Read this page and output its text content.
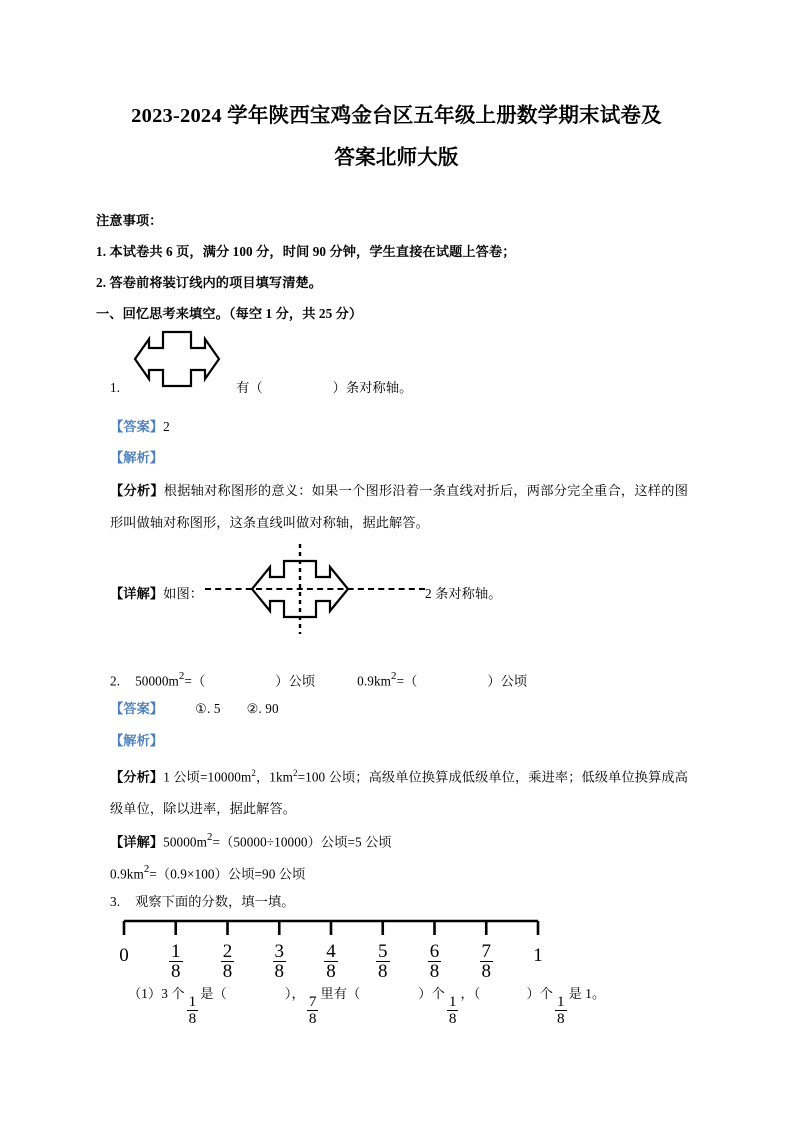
2023-2024 学年陕西宝鸡金台区五年级上册数学期末试卷及
答案北师大版

注意事项：

1. 本试卷共 6 页，满分 100 分，时间 90 分钟，学生直接在试题上答卷；

2. 答卷前将装订线内的项目填写清楚。

一、回忆思考来填空。（每空 1 分，共 25 分）

1.	有（	）条对称轴。
【答案】2
【解析】

【分析】根据轴对称图形的意义：如果一个图形沿着一条直线对折后，两部分完全重合，这样的图形叫做轴对称图形，这条直线叫做对称轴，据此解答。

【详解】如图：	2 条对称轴。
2. $50000m^2=$（	）公顷	$0.9km^2=$（	）公顷
【答案】 ①. 5 ②. 90
【解析】

【分析】1 公顷$=10000m^2$，$1km^2=100$ 公顷；高级单位换算成低级单位，乘进率；低级单位换算成高级单位，除以进率，据此解答。

【详解】$50000m^2=(50000\div 10000)$公顷=5 公顷
$0.9km^2=(0.9\times 100)$公顷=90 公顷
3. 观察下面的分数，填一填。
0	$\frac{1}{8} \frac{2}{8} \frac{3}{8} \frac{4}{8} \frac{5}{8} \frac{6}{8} \frac{7}{8}$	1
（1）3 个
$\frac{1}{8}$
是（	），
$\frac{7}{8}$
里有（	）个
$\frac{1}{8}$
，（	）个
$\frac{1}{8}$
是 1。
